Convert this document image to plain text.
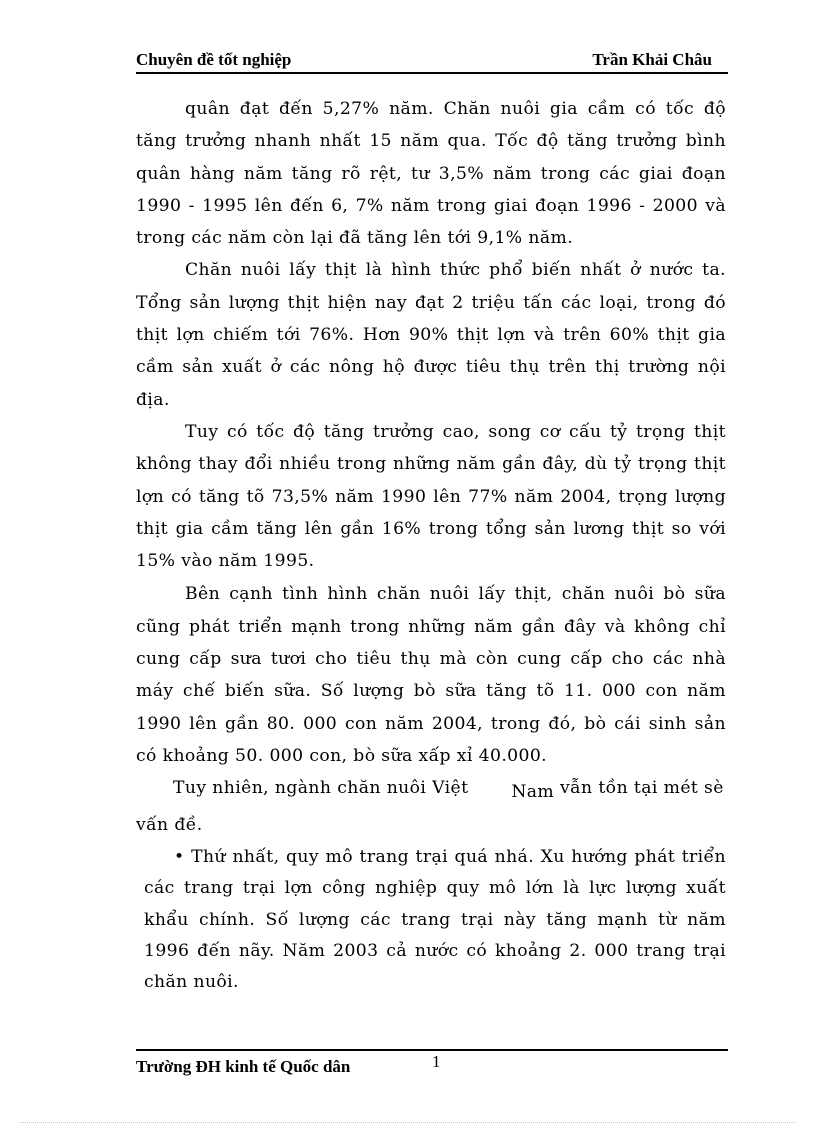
Chuyên đề tốt nghiệp	Trần Khải Châu

quân đạt đến 5,27% năm. Chăn nuôi gia cầm có tốc độ tăng trưởng nhanh nhất 15 năm qua. Tốc độ tăng trưởng bình quân hàng năm tăng rõ rệt, tư 3,5% năm trong các giai đoạn 1990 - 1995 lên đến 6, 7% năm trong giai đoạn 1996 - 2000 và trong các năm còn lại đã tăng lên tới 9,1% năm.

Chăn nuôi lấy thịt là hình thức phổ biến nhất ở nước ta. Tổng sản lượng thịt hiện nay đạt 2 triệu tấn các loại, trong đó thịt lợn chiếm tới 76%. Hơn 90% thịt lợn và trên 60% thịt gia cầm sản xuất ở các nông hộ được tiêu thụ trên thị trường nội địa.

Tuy có tốc độ tăng trưởng cao, song cơ cấu tỷ trọng thịt không thay đổi nhiều trong những năm gần đây, dù tỷ trọng thịt lợn có tăng tõ 73,5% năm 1990 lên 77% năm 2004, trọng lượng thịt gia cầm tăng lên gần 16% trong tổng sản lương thịt so với 15% vào năm 1995.

Bên cạnh tình hình chăn nuôi lấy thịt, chăn nuôi bò sữa cũng phát triển mạnh trong những năm gần đây và không chỉ cung cấp sưa tươi cho tiêu thụ mà còn cung cấp cho các nhà máy chế biến sữa. Số lượng bò sữa tăng tõ 11. 000 con năm 1990 lên gần 80. 000 con năm 2004, trong đó, bò cái sinh sản có khoảng 50. 000 con, bò sữa xấp xỉ 40.000.

Tuy nhiên, ngành chăn nuôi Việt Nam vẫn tồn tại mét sè
vấn đề.

• Thứ nhất, quy mô trang trại quá nhá. Xu hướng phát triển các trang trại lợn công nghiệp quy mô lớn là lực lượng xuất khẩu chính. Số lượng các trang trại này tăng mạnh từ năm 1996 đến nãy. Năm 2003 cả nước có khoảng 2. 000 trang trại chăn nuôi.

Trường ĐH kinh tế Quốc dân	1
